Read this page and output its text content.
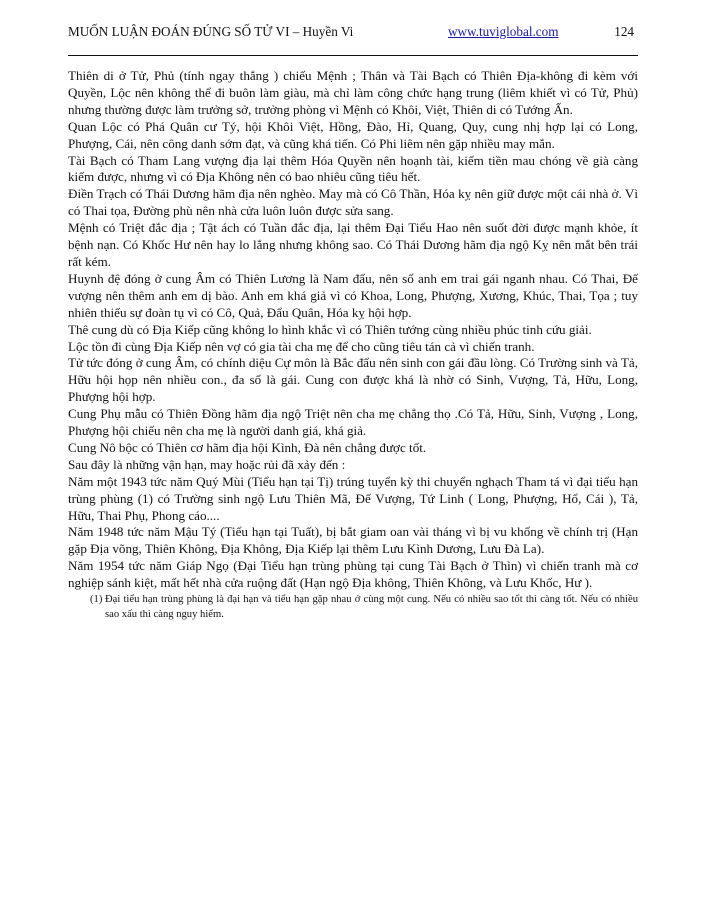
MUỐN LUẬN ĐOÁN ĐÚNG SỐ TỬ VI – Huyền Vi	www.tuviglobal.com	124

Thiên di ở Tử, Phủ (tính ngay thẳng ) chiếu Mệnh ; Thân và Tài Bạch có Thiên Địa-không đi kèm với Quyền, Lộc nên không thể đi buôn làm giàu, mà chỉ làm công chức hạng trung (liêm khiết vì có Tử, Phủ) nhưng thường được làm trưởng sở, trưởng phòng vì Mệnh có Khôi, Việt, Thiên di có Tướng Ấn.

Quan Lộc có Phá Quân cư Tý, hội Khôi Việt, Hồng, Đào, Hỉ, Quang, Quy, cung nhị hợp lại có Long, Phượng, Cái, nên công danh sớm đạt, và cũng khá tiến. Có Phi liêm nên gặp nhiều may mắn.

Tài Bạch có Tham Lang vượng địa lại thêm Hóa Quyền nên hoạnh tài, kiếm tiền mau chóng về già càng kiếm được, nhưng vì có Địa Không nên có bao nhiêu cũng tiêu hết.

Điền Trạch có Thái Dương hãm địa nên nghèo. May mà có Cô Thần, Hóa kỵ nên giữ được một cái nhà ở. Vì có Thai tọa, Đường phù nên nhà cửa luôn luôn được sửa sang.

Mệnh có Triệt đắc địa ; Tật ách có Tuần đắc địa, lại thêm Đại Tiểu Hao nên suốt đời được mạnh khỏe, ít bệnh nạn. Có Khốc Hư nên hay lo lắng nhưng không sao. Có Thái Dương hãm địa ngộ Kỵ nên mắt bên trái rất kém.

Huynh đệ đóng ở cung Âm có Thiên Lương là Nam đẩu, nên số anh em trai gái nganh nhau. Có Thai, Đế vượng nên thêm anh em dị bào. Anh em khá giả vì có Khoa, Long, Phượng, Xương, Khúc, Thai, Tọa ; tuy nhiên thiếu sự đoàn tụ vì có Cô, Quả, Đẩu Quân, Hóa kỵ hội hợp.

Thê cung dù có Địa Kiếp cũng không lo hình khắc vì có Thiên tướng cùng nhiều phúc tinh cứu giải.

Lộc tồn đi cùng Địa Kiếp nên vợ có gia tài cha mẹ để cho cũng tiêu tán cả vì chiến tranh.

Tử tức đóng ở cung Âm, có chính diệu Cự môn là Bắc đẩu nên sinh con gái đầu lòng. Có Trường sinh và Tả, Hữu hội họp nên nhiều con., đa số là gái. Cung con được khá là nhờ có Sinh, Vượng, Tả, Hữu, Long, Phượng hội hợp.

Cung Phụ mẫu có Thiên Đồng hãm địa ngộ Triệt nên cha mẹ chẳng thọ .Có Tả, Hữu, Sinh, Vượng , Long, Phượng hội chiếu nên cha mẹ là người danh giá, khá giả.

Cung Nô bộc có Thiên cơ hãm địa hội Kình, Đà nên chẳng được tốt.

Sau đây là những vận hạn, may hoặc rủi đã xảy đến :

Năm một 1943 tức năm Quý Mùi (Tiểu hạn tại Tị) trúng tuyển kỳ thi chuyển nghạch Tham tá vì đại tiểu hạn trùng phùng (1) có Trường sinh ngộ Lưu Thiên Mã, Đế Vượng, Tứ Linh ( Long, Phượng, Hổ, Cái ), Tả, Hữu, Thai Phụ, Phong cáo....

Năm 1948 tức năm Mậu Tý (Tiểu hạn tại Tuất), bị bắt giam oan vài tháng vì bị vu khống về chính trị (Hạn gặp Địa võng, Thiên Không, Địa Không, Địa Kiếp lại thêm Lưu Kình Dương, Lưu Đà La).

Năm 1954 tức năm Giáp Ngọ (Đại Tiểu hạn trùng phùng tại cung Tài Bạch ở Thìn) vì chiến tranh mà cơ nghiệp sánh kiệt, mất hết nhà cửa ruộng đất (Hạn ngộ Địa không, Thiên Không, và Lưu Khốc, Hư ).

(1) Đại tiểu hạn trùng phùng là đại hạn và tiểu hạn gặp nhau ở cùng một cung. Nếu có nhiều sao tốt thì càng tốt. Nếu có nhiều sao xấu thì càng nguy hiểm.
